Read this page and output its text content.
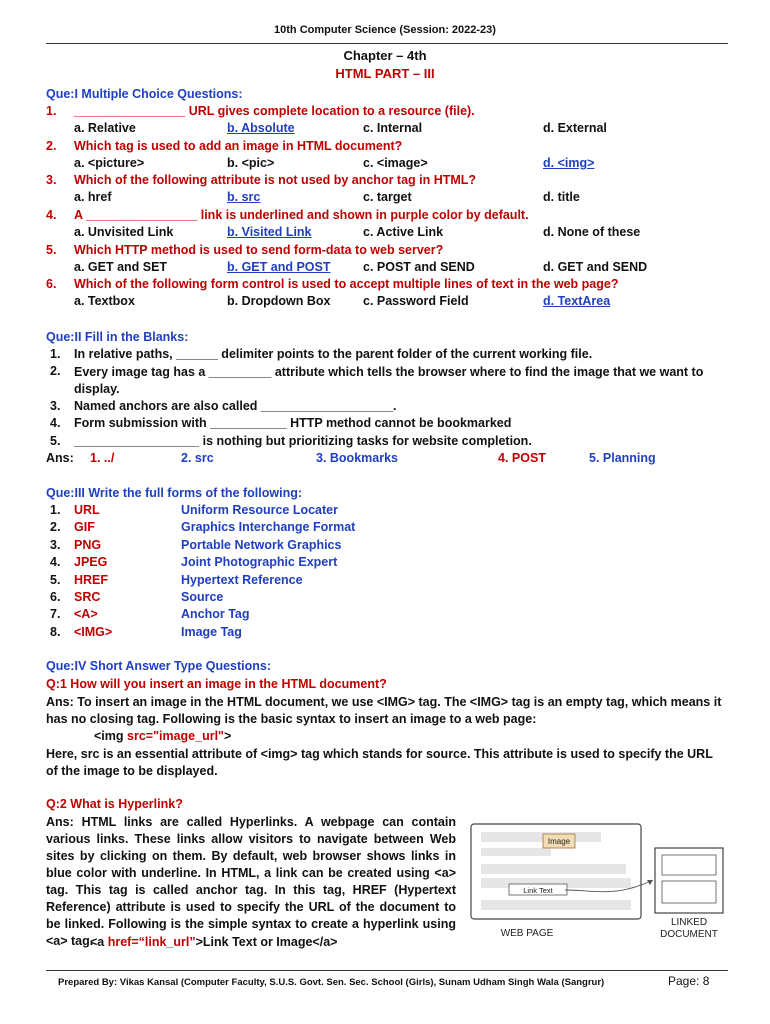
10th Computer Science (Session: 2022-23)
Chapter – 4th
HTML PART – III
Que:I Multiple Choice Questions:
1. ________________ URL gives complete location to a resource (file).
a. Relative	b. Absolute	c. Internal	d. External
2. Which tag is used to add an image in HTML document?
a. <picture>	b. <pic>	c. <image>	d. <img>
3. Which of the following attribute is not used by anchor tag in HTML?
a. href	b. src	c. target	d. title
4. A ________________ link is underlined and shown in purple color by default.
a. Unvisited Link	b. Visited Link	c. Active Link	d. None of these
5. Which HTTP method is used to send form-data to web server?
a. GET and SET	b. GET and POST	c. POST and SEND	d. GET and SEND
6. Which of the following form control is used to accept multiple lines of text in the web page?
a. Textbox	b. Dropdown Box	c. Password Field	d. TextArea
Que:II Fill in the Blanks:
1. In relative paths, ______ delimiter points to the parent folder of the current working file.
2. Every image tag has a _________ attribute which tells the browser where to find the image that we want to display.
3. Named anchors are also called ___________________.
4. Form submission with ___________ HTTP method cannot be bookmarked
5. __________________ is nothing but prioritizing tasks for website completion.
Ans: 1. ../	2. src	3. Bookmarks	4. POST	5. Planning
Que:III Write the full forms of the following:
1. URL	Uniform Resource Locater
2. GIF	Graphics Interchange Format
3. PNG	Portable Network Graphics
4. JPEG	Joint Photographic Expert
5. HREF	Hypertext Reference
6. SRC	Source
7. <A>	Anchor Tag
8. <IMG>	Image Tag
Que:IV Short Answer Type Questions:
Q:1 How will you insert an image in the HTML document?
Ans: To insert an image in the HTML document, we use <IMG> tag. The <IMG> tag is an empty tag, which means it has no closing tag. Following is the basic syntax to insert an image to a web page:
<img src="image_url">
Here, src is an essential attribute of <img> tag which stands for source. This attribute is used to specify the URL of the image to be displayed.
Q:2 What is Hyperlink?
Ans: HTML links are called Hyperlinks. A webpage can contain various links. These links allow visitors to navigate between Web sites by clicking on them. By default, web browser shows links in blue color with underline. In HTML, a link can be created using <a> tag. This tag is called anchor tag. In this tag, HREF (Hypertext Reference) attribute is used to specify the URL of the document to be linked. Following is the simple syntax to create a hyperlink using <a> tag.
<a href=“link_url”>Link Text or Image</a>
Image
Link Text
WEB PAGE
LINKED
DOCUMENT
Prepared By: Vikas Kansal (Computer Faculty, S.U.S. Govt. Sen. Sec. School (Girls), Sunam Udham Singh Wala (Sangrur)	Page: 8
